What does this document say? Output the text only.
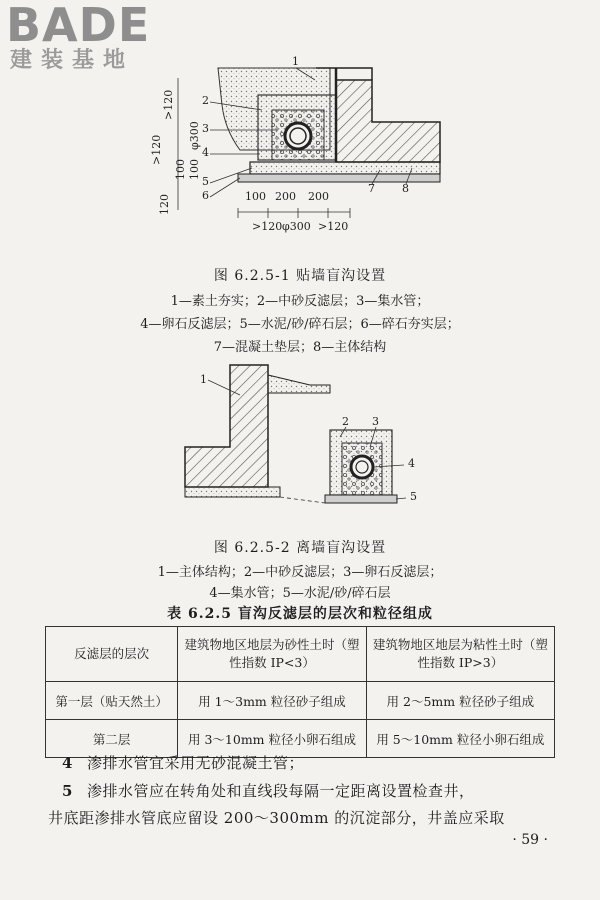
BADE
建装基地
>120
>120
100
φ300
100
120
1
2
3
4
5
6
7 8
100 200 200
>120 φ300 >120
图 6.2.5-1 贴墙盲沟设置
1—素土夯实；2—中砂反滤层；3—集水管；
4—卵石反滤层；5—水泥/砂/碎石层；6—碎石夯实层；
7—混凝土垫层；8—主体结构
1
2 3
4
5
图 6.2.5-2 离墙盲沟设置
1—主体结构；2—中砂反滤层；3—卵石反滤层；
4—集水管；5—水泥/砂/碎石层
表 6.2.5 盲沟反滤层的层次和粒径组成
反滤层的层次	建筑物地区地层为砂性土时（塑性指数 IP<3）	建筑物地区地层为粘性土时（塑性指数 IP>3）
第一层（贴天然土）	用 1～3mm 粒径砂子组成	用 2～5mm 粒径砂子组成
第二层	用 3～10mm 粒径小卵石组成	用 5～10mm 粒径小卵石组成
4 渗排水管宜采用无砂混凝土管；
5 渗排水管应在转角处和直线段每隔一定距离设置检查井，
井底距渗排水管底应留设 200～300mm 的沉淀部分，井盖应采取
· 59 ·
